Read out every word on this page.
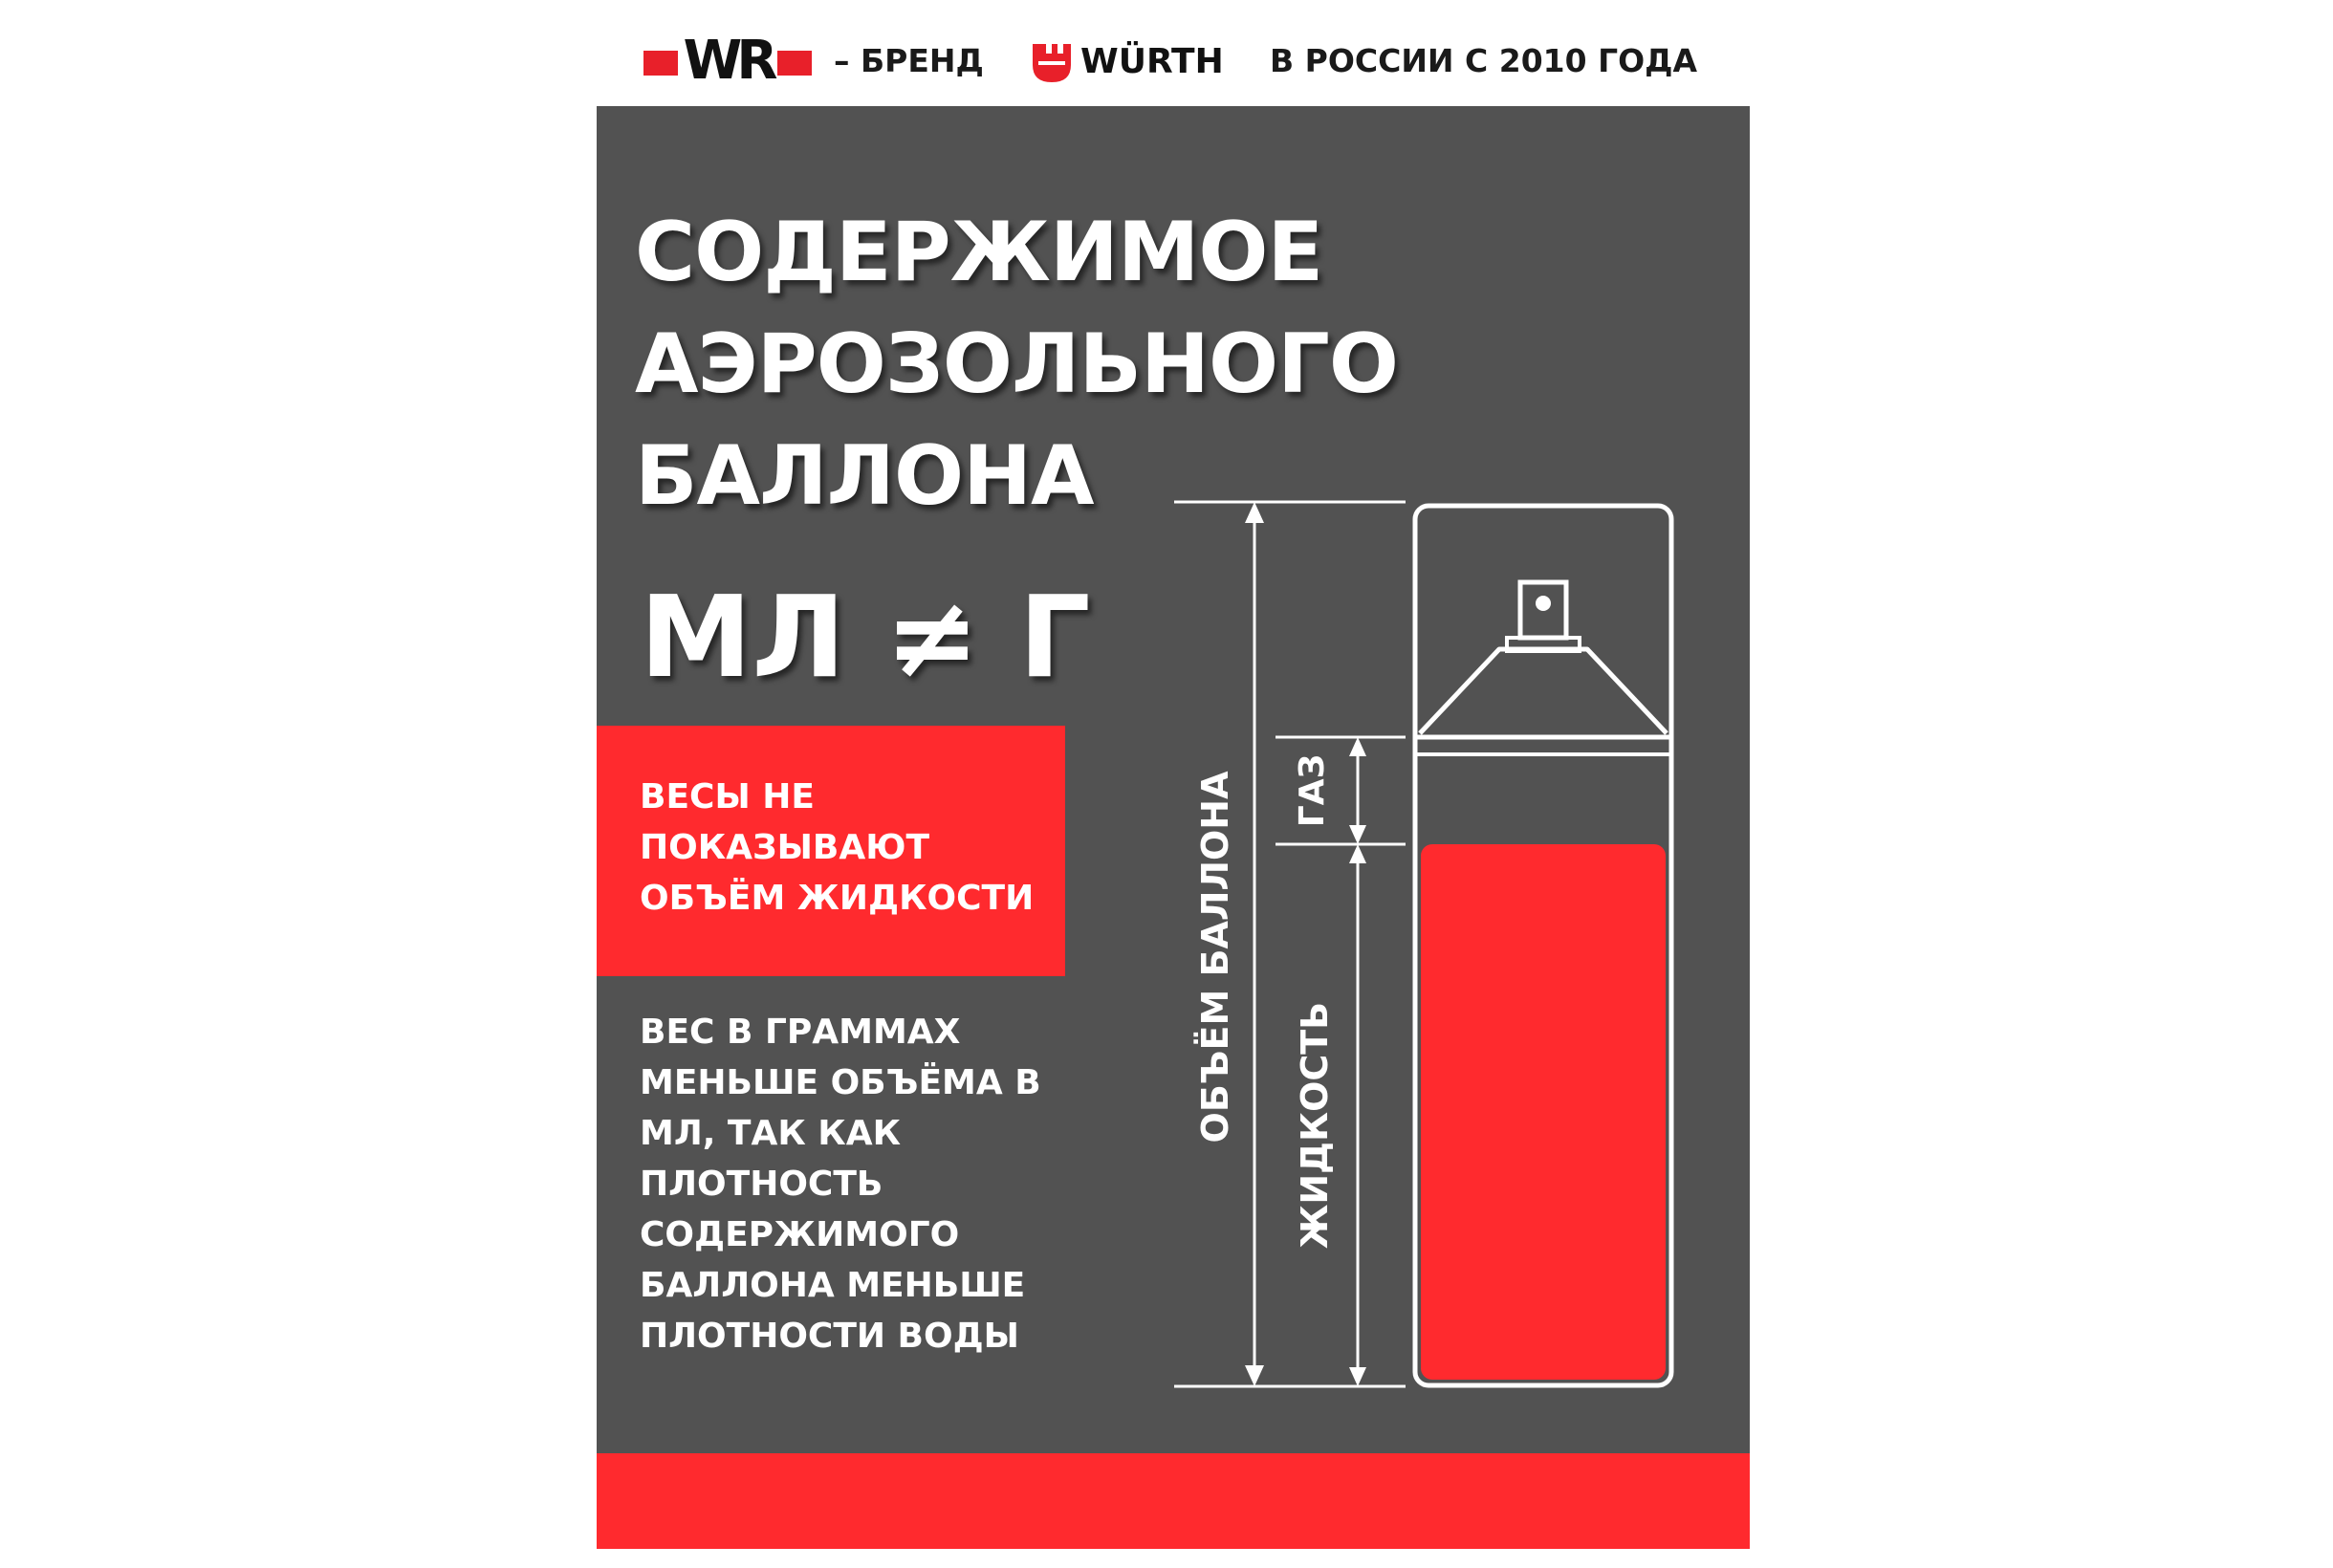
WR – БРЕНД	WÜRTH В РОССИИ С 2010 ГОДА
СОДЕРЖИМОЕ
АЭРОЗОЛЬНОГО
БАЛЛОНА
МЛ ≠ Г
ВЕСЫ НЕ
ПОКАЗЫВАЮТ
ОБЪЁМ ЖИДКОСТИ
ВЕС В ГРАММАХ
МЕНЬШЕ ОБЪЁМА В
МЛ, ТАК КАК
ПЛОТНОСТЬ
СОДЕРЖИМОГО
БАЛЛОНА МЕНЬШЕ
ПЛОТНОСТИ ВОДЫ
ОБЪЁМ БАЛЛОНА ГАЗ
ЖИДКОСТЬ
